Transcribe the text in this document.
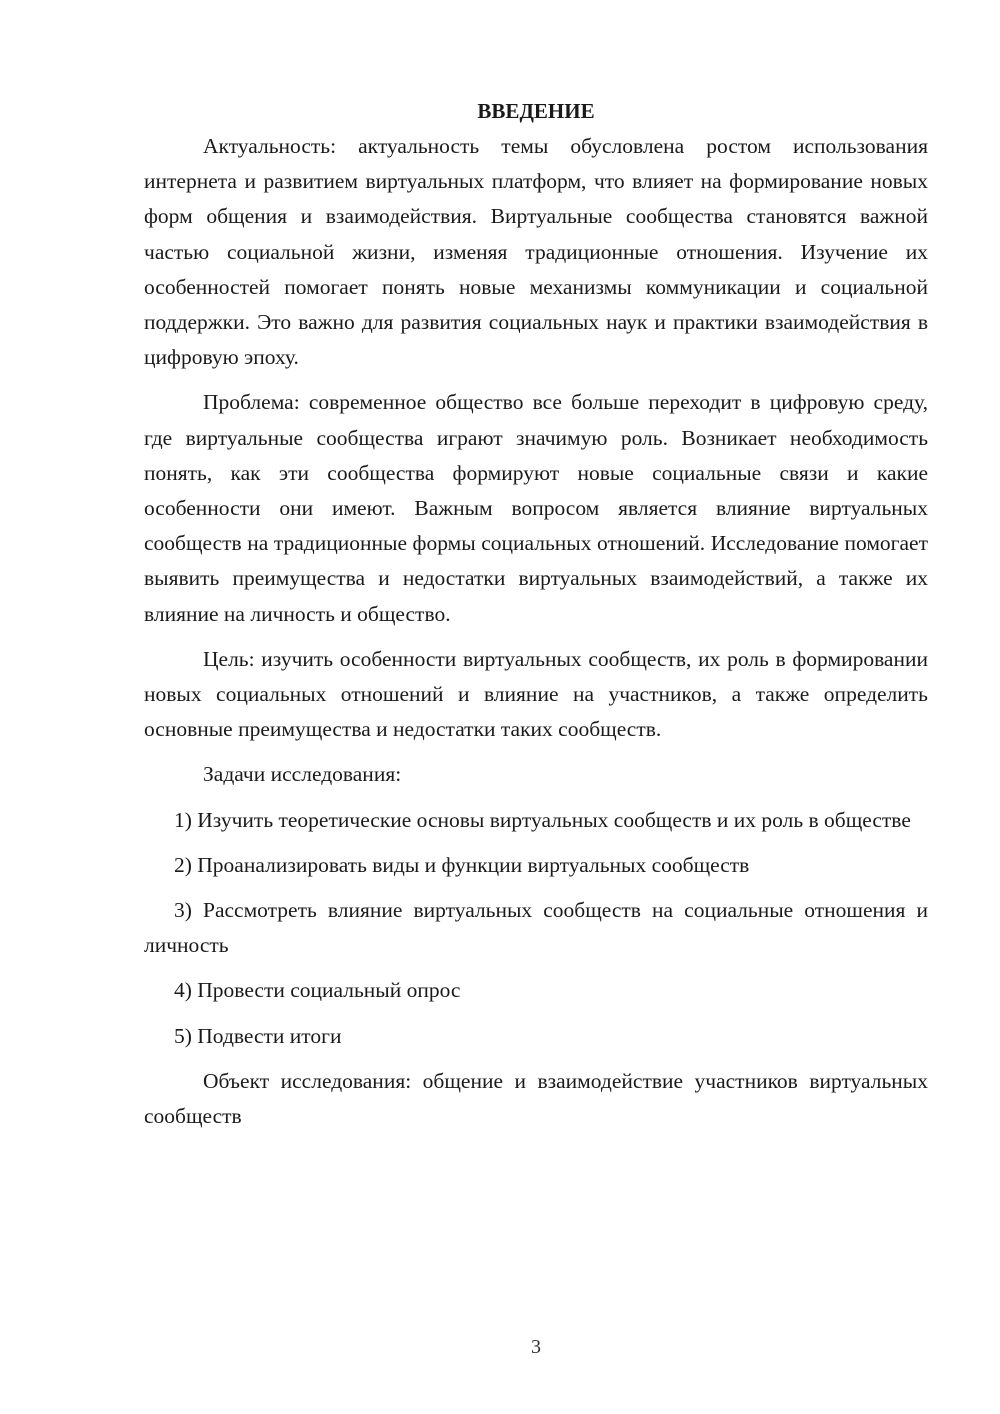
ВВЕДЕНИЕ

Актуальность: актуальность темы обусловлена ростом использования интернета и развитием виртуальных платформ, что влияет на формирование новых форм общения и взаимодействия. Виртуальные сообщества становятся важной частью социальной жизни, изменяя традиционные отношения. Изучение их особенностей помогает понять новые механизмы коммуникации и социальной поддержки. Это важно для развития социальных наук и практики взаимодействия в цифровую эпоху.

Проблема: современное общество все больше переходит в цифровую среду, где виртуальные сообщества играют значимую роль. Возникает необходимость понять, как эти сообщества формируют новые социальные связи и какие особенности они имеют. Важным вопросом является влияние виртуальных сообществ на традиционные формы социальных отношений. Исследование помогает выявить преимущества и недостатки виртуальных взаимодействий, а также их влияние на личность и общество.

Цель: изучить особенности виртуальных сообществ, их роль в формировании новых социальных отношений и влияние на участников, а также определить основные преимущества и недостатки таких сообществ.

Задачи исследования:

1) Изучить теоретические основы виртуальных сообществ и их роль в обществе

2) Проанализировать виды и функции виртуальных сообществ

3) Рассмотреть влияние виртуальных сообществ на социальные отношения и личность

4) Провести социальный опрос

5) Подвести итоги

Объект исследования: общение и взаимодействие участников виртуальных сообществ

3
